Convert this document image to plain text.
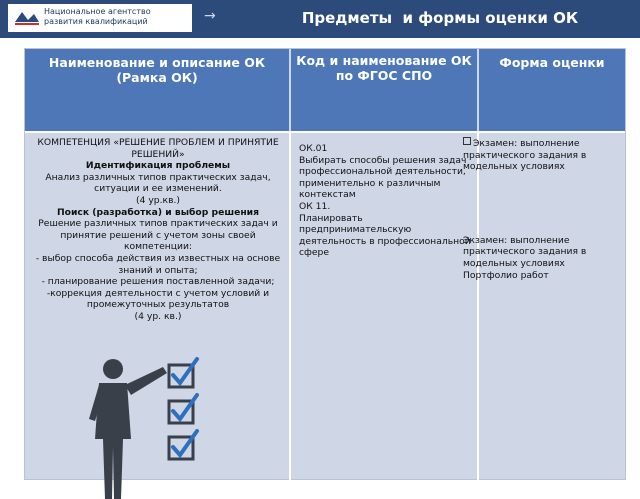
Национальное агентство
развития квалификаций	→	Предметы  и формы оценки ОК
Наименование и описание ОК
(Рамка ОК)
Код и наименование ОК по ФГОС СПО
Форма оценки
КОМПЕТЕНЦИЯ «РЕШЕНИЕ ПРОБЛЕМ И ПРИНЯТИЕ РЕШЕНИЙ»
Идентификация проблемы
Анализ различных типов практических задач, ситуации и ее изменений.
(4 ур.кв.)
Поиск (разработка) и выбор решения
Решение различных типов практических задач и принятие решений с учетом зоны своей компетенции:
- выбор способа действия из известных на основе знаний и опыта;
- планирование решения поставленной задачи;
-коррекция деятельности с учетом условий и промежуточных результатов
(4 ур. кв.)
ОК.01
Выбирать способы решения задач профессиональной деятельности, применительно к различным контекстам
ОК 11.
Планировать предпринимательскую деятельность в профессиональной сфере
Экзамен: выполнение практического задания в модельных условиях
Экзамен: выполнение практического задания в модельных условиях
Портфолио работ
